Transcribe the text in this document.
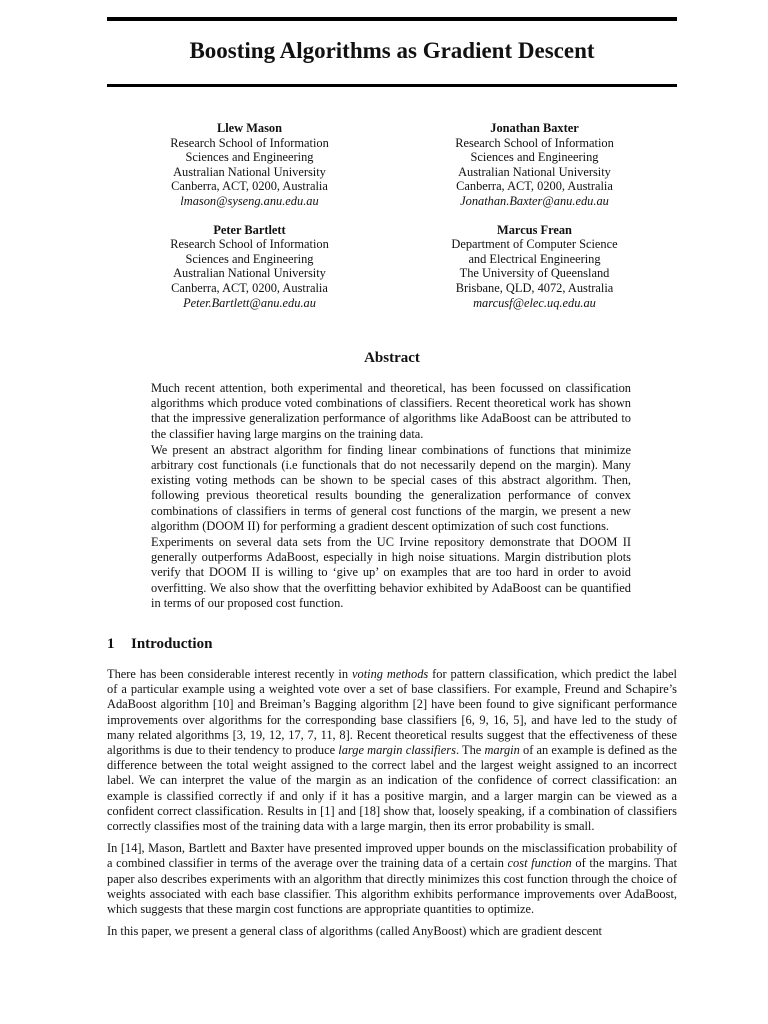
Boosting Algorithms as Gradient Descent
Llew Mason
Research School of Information
Sciences and Engineering
Australian National University
Canberra, ACT, 0200, Australia
lmason@syseng.anu.edu.au
Jonathan Baxter
Research School of Information
Sciences and Engineering
Australian National University
Canberra, ACT, 0200, Australia
Jonathan.Baxter@anu.edu.au
Peter Bartlett
Research School of Information
Sciences and Engineering
Australian National University
Canberra, ACT, 0200, Australia
Peter.Bartlett@anu.edu.au
Marcus Frean
Department of Computer Science
and Electrical Engineering
The University of Queensland
Brisbane, QLD, 4072, Australia
marcusf@elec.uq.edu.au
Abstract

Much recent attention, both experimental and theoretical, has been focussed on classification algorithms which produce voted combinations of classifiers. Recent theoretical work has shown that the impressive generalization performance of algorithms like AdaBoost can be attributed to the classifier having large margins on the training data.

We present an abstract algorithm for finding linear combinations of functions that minimize arbitrary cost functionals (i.e functionals that do not necessarily depend on the margin). Many existing voting methods can be shown to be special cases of this abstract algorithm. Then, following previous theoretical results bounding the generalization performance of convex combinations of classifiers in terms of general cost functions of the margin, we present a new algorithm (DOOM II) for performing a gradient descent optimization of such cost functions.

Experiments on several data sets from the UC Irvine repository demonstrate that DOOM II generally outperforms AdaBoost, especially in high noise situations. Margin distribution plots verify that DOOM II is willing to ‘give up’ on examples that are too hard in order to avoid overfitting. We also show that the overfitting behavior exhibited by AdaBoost can be quantified in terms of our proposed cost function.

1 Introduction

There has been considerable interest recently in voting methods for pattern classification, which predict the label of a particular example using a weighted vote over a set of base classifiers. For example, Freund and Schapire’s AdaBoost algorithm [10] and Breiman’s Bagging algorithm [2] have been found to give significant performance improvements over algorithms for the corresponding base classifiers [6, 9, 16, 5], and have led to the study of many related algorithms [3, 19, 12, 17, 7, 11, 8]. Recent theoretical results suggest that the effectiveness of these algorithms is due to their tendency to produce large margin classifiers. The margin of an example is defined as the difference between the total weight assigned to the correct label and the largest weight assigned to an incorrect label. We can interpret the value of the margin as an indication of the confidence of correct classification: an example is classified correctly if and only if it has a positive margin, and a larger margin can be viewed as a confident correct classification. Results in [1] and [18] show that, loosely speaking, if a combination of classifiers correctly classifies most of the training data with a large margin, then its error probability is small.

In [14], Mason, Bartlett and Baxter have presented improved upper bounds on the misclassification probability of a combined classifier in terms of the average over the training data of a certain cost function of the margins. That paper also describes experiments with an algorithm that directly minimizes this cost function through the choice of weights associated with each base classifier. This algorithm exhibits performance improvements over AdaBoost, which suggests that these margin cost functions are appropriate quantities to optimize.

In this paper, we present a general class of algorithms (called AnyBoost) which are gradient descent
